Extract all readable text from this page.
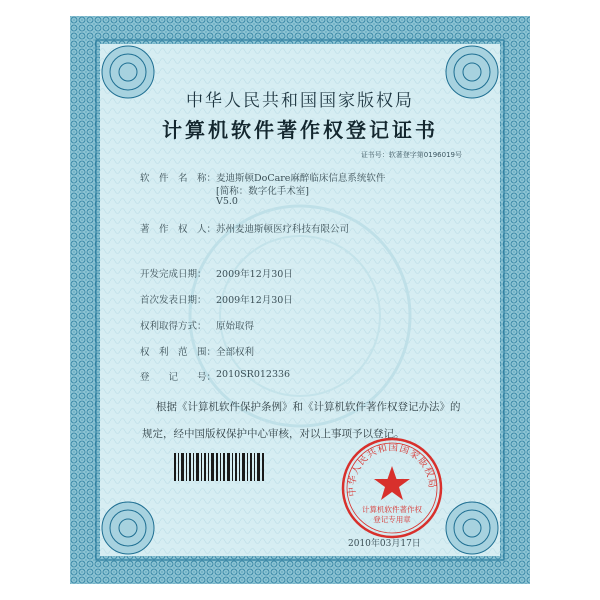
中华人民共和国国家版权局
计算机软件著作权登记证书
证书号：软著登字第0196019号
软　件　名　称： 麦迪斯顿DoCare麻醉临床信息系统软件
[简称：数字化手术室]
V5.0
著　作　权　人： 苏州麦迪斯顿医疗科技有限公司
开发完成日期： 2009年12月30日
首次发表日期： 2009年12月30日
权利取得方式： 原始取得
权　利　范　围： 全部权利
登　　记　　号： 2010SR012336
根据《计算机软件保护条例》和《计算机软件著作权登记办法》的
规定，经中国版权保护中心审核，对以上事项予以登记。
中华人民共和国国家版权局
计算机软件著作权
登记专用章
2010年03月17日
